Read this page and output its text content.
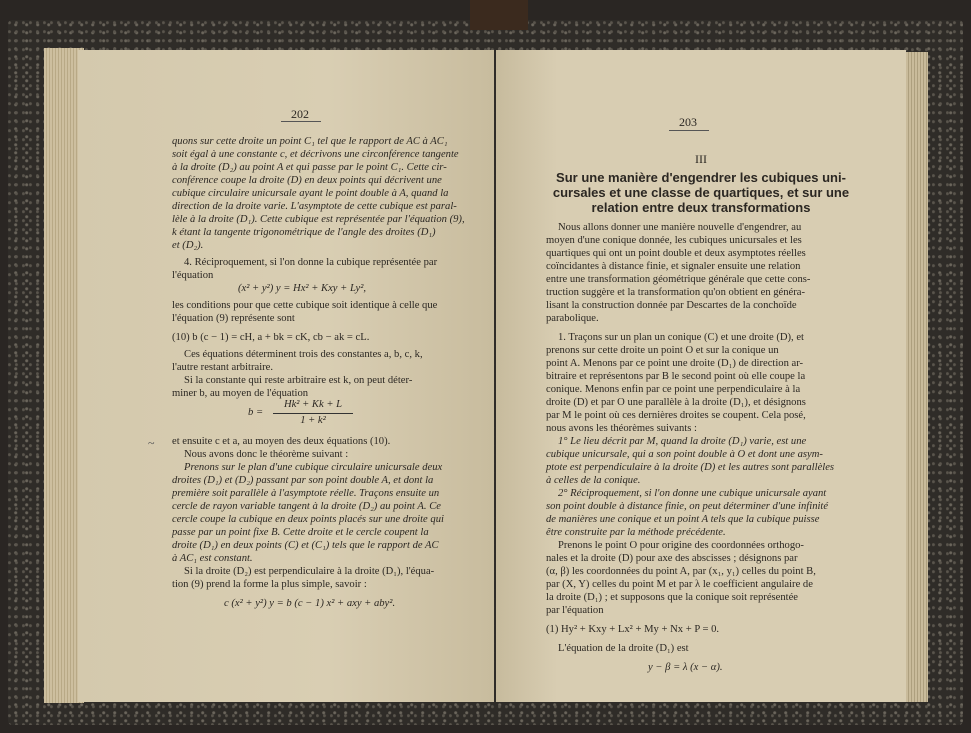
202
quons sur cette droite un point C₁ tel que le rapport de AC à AC₁
soit égal à une constante c, et décrivons une circonférence tangente
à la droite (D₂) au point A et qui passe par le point C₁. Cette cir-
conférence coupe la droite (D) en deux points qui décrivent une
cubique circulaire unicursale ayant le point double à A, quand la
direction de la droite varie. L'asymptote de cette cubique est paral-
lèle à la droite (D₁). Cette cubique est représentée par l'équation (9),
k étant la tangente trigonométrique de l'angle des droites (D₁)
et (D₂).
4. Réciproquement, si l'on donne la cubique représentée par
l'équation
(x² + y²) y = Hx² + Kxy + Ly²,
les conditions pour que cette cubique soit identique à celle que
l'équation (9) représente sont
(10) b (c − 1) = cH, a + bk = cK, cb − ak = cL.
Ces équations déterminent trois des constantes a, b, c, k,
l'autre restant arbitraire.
Si la constante qui reste arbitraire est k, on peut déter-
miner b, au moyen de l'équation
b =
Hk² + Kk + L
1 + k²
et ensuite c et a, au moyen des deux équations (10).
Nous avons donc le théorème suivant :
Prenons sur le plan d'une cubique circulaire unicursale deux
droites (D₁) et (D₂) passant par son point double A, et dont la
première soit parallèle à l'asymptote réelle. Traçons ensuite un
cercle de rayon variable tangent à la droite (D₂) au point A. Ce
cercle coupe la cubique en deux points placés sur une droite qui
passe par un point fixe B. Cette droite et le cercle coupent la
droite (D₁) en deux points (C) et (C₁) tels que le rapport de AC
à AC₁ est constant.
Si la droite (D₂) est perpendiculaire à la droite (D₁), l'équa-
tion (9) prend la forme la plus simple, savoir :
c (x² + y²) y = b (c − 1) x² + axy + aby².
~
203
III
Sur une manière d'engendrer les cubiques uni-
cursales et une classe de quartiques, et sur une
relation entre deux transformations
Nous allons donner une manière nouvelle d'engendrer, au
moyen d'une conique donnée, les cubiques unicursales et les
quartiques qui ont un point double et deux asymptotes réelles
coïncidantes à distance finie, et signaler ensuite une relation
entre une transformation géométrique générale que cette cons-
truction suggère et la transformation qu'on obtient en généra-
lisant la construction donnée par Descartes de la conchoïde
parabolique.
1. Traçons sur un plan un conique (C) et une droite (D), et
prenons sur cette droite un point O et sur la conique un
point A. Menons par ce point une droite (D₁) de direction ar-
bitraire et représentons par B le second point où elle coupe la
conique. Menons enfin par ce point une perpendiculaire à la
droite (D) et par O une parallèle à la droite (D₁), et désignons
par M le point où ces dernières droites se coupent. Cela posé,
nous avons les théorèmes suivants :
1° Le lieu décrit par M, quand la droite (D₁) varie, est une
cubique unicursale, qui a son point double à O et dont une asym-
ptote est perpendiculaire à la droite (D) et les autres sont parallèles
à celles de la conique.
2° Réciproquement, si l'on donne une cubique unicursale ayant
son point double à distance finie, on peut déterminer d'une infinité
de manières une conique et un point A tels que la cubique puisse
être construite par la méthode précédente.
Prenons le point O pour origine des coordonnées orthogo-
nales et la droite (D) pour axe des abscisses ; désignons par
(α, β) les coordonnées du point A, par (x₁, y₁) celles du point B,
par (X, Y) celles du point M et par λ le coefficient angulaire de
la droite (D₁) ; et supposons que la conique soit représentée
par l'équation
(1) Hy² + Kxy + Lx² + My + Nx + P = 0.
L'équation de la droite (D₁) est
y − β = λ (x − α).
